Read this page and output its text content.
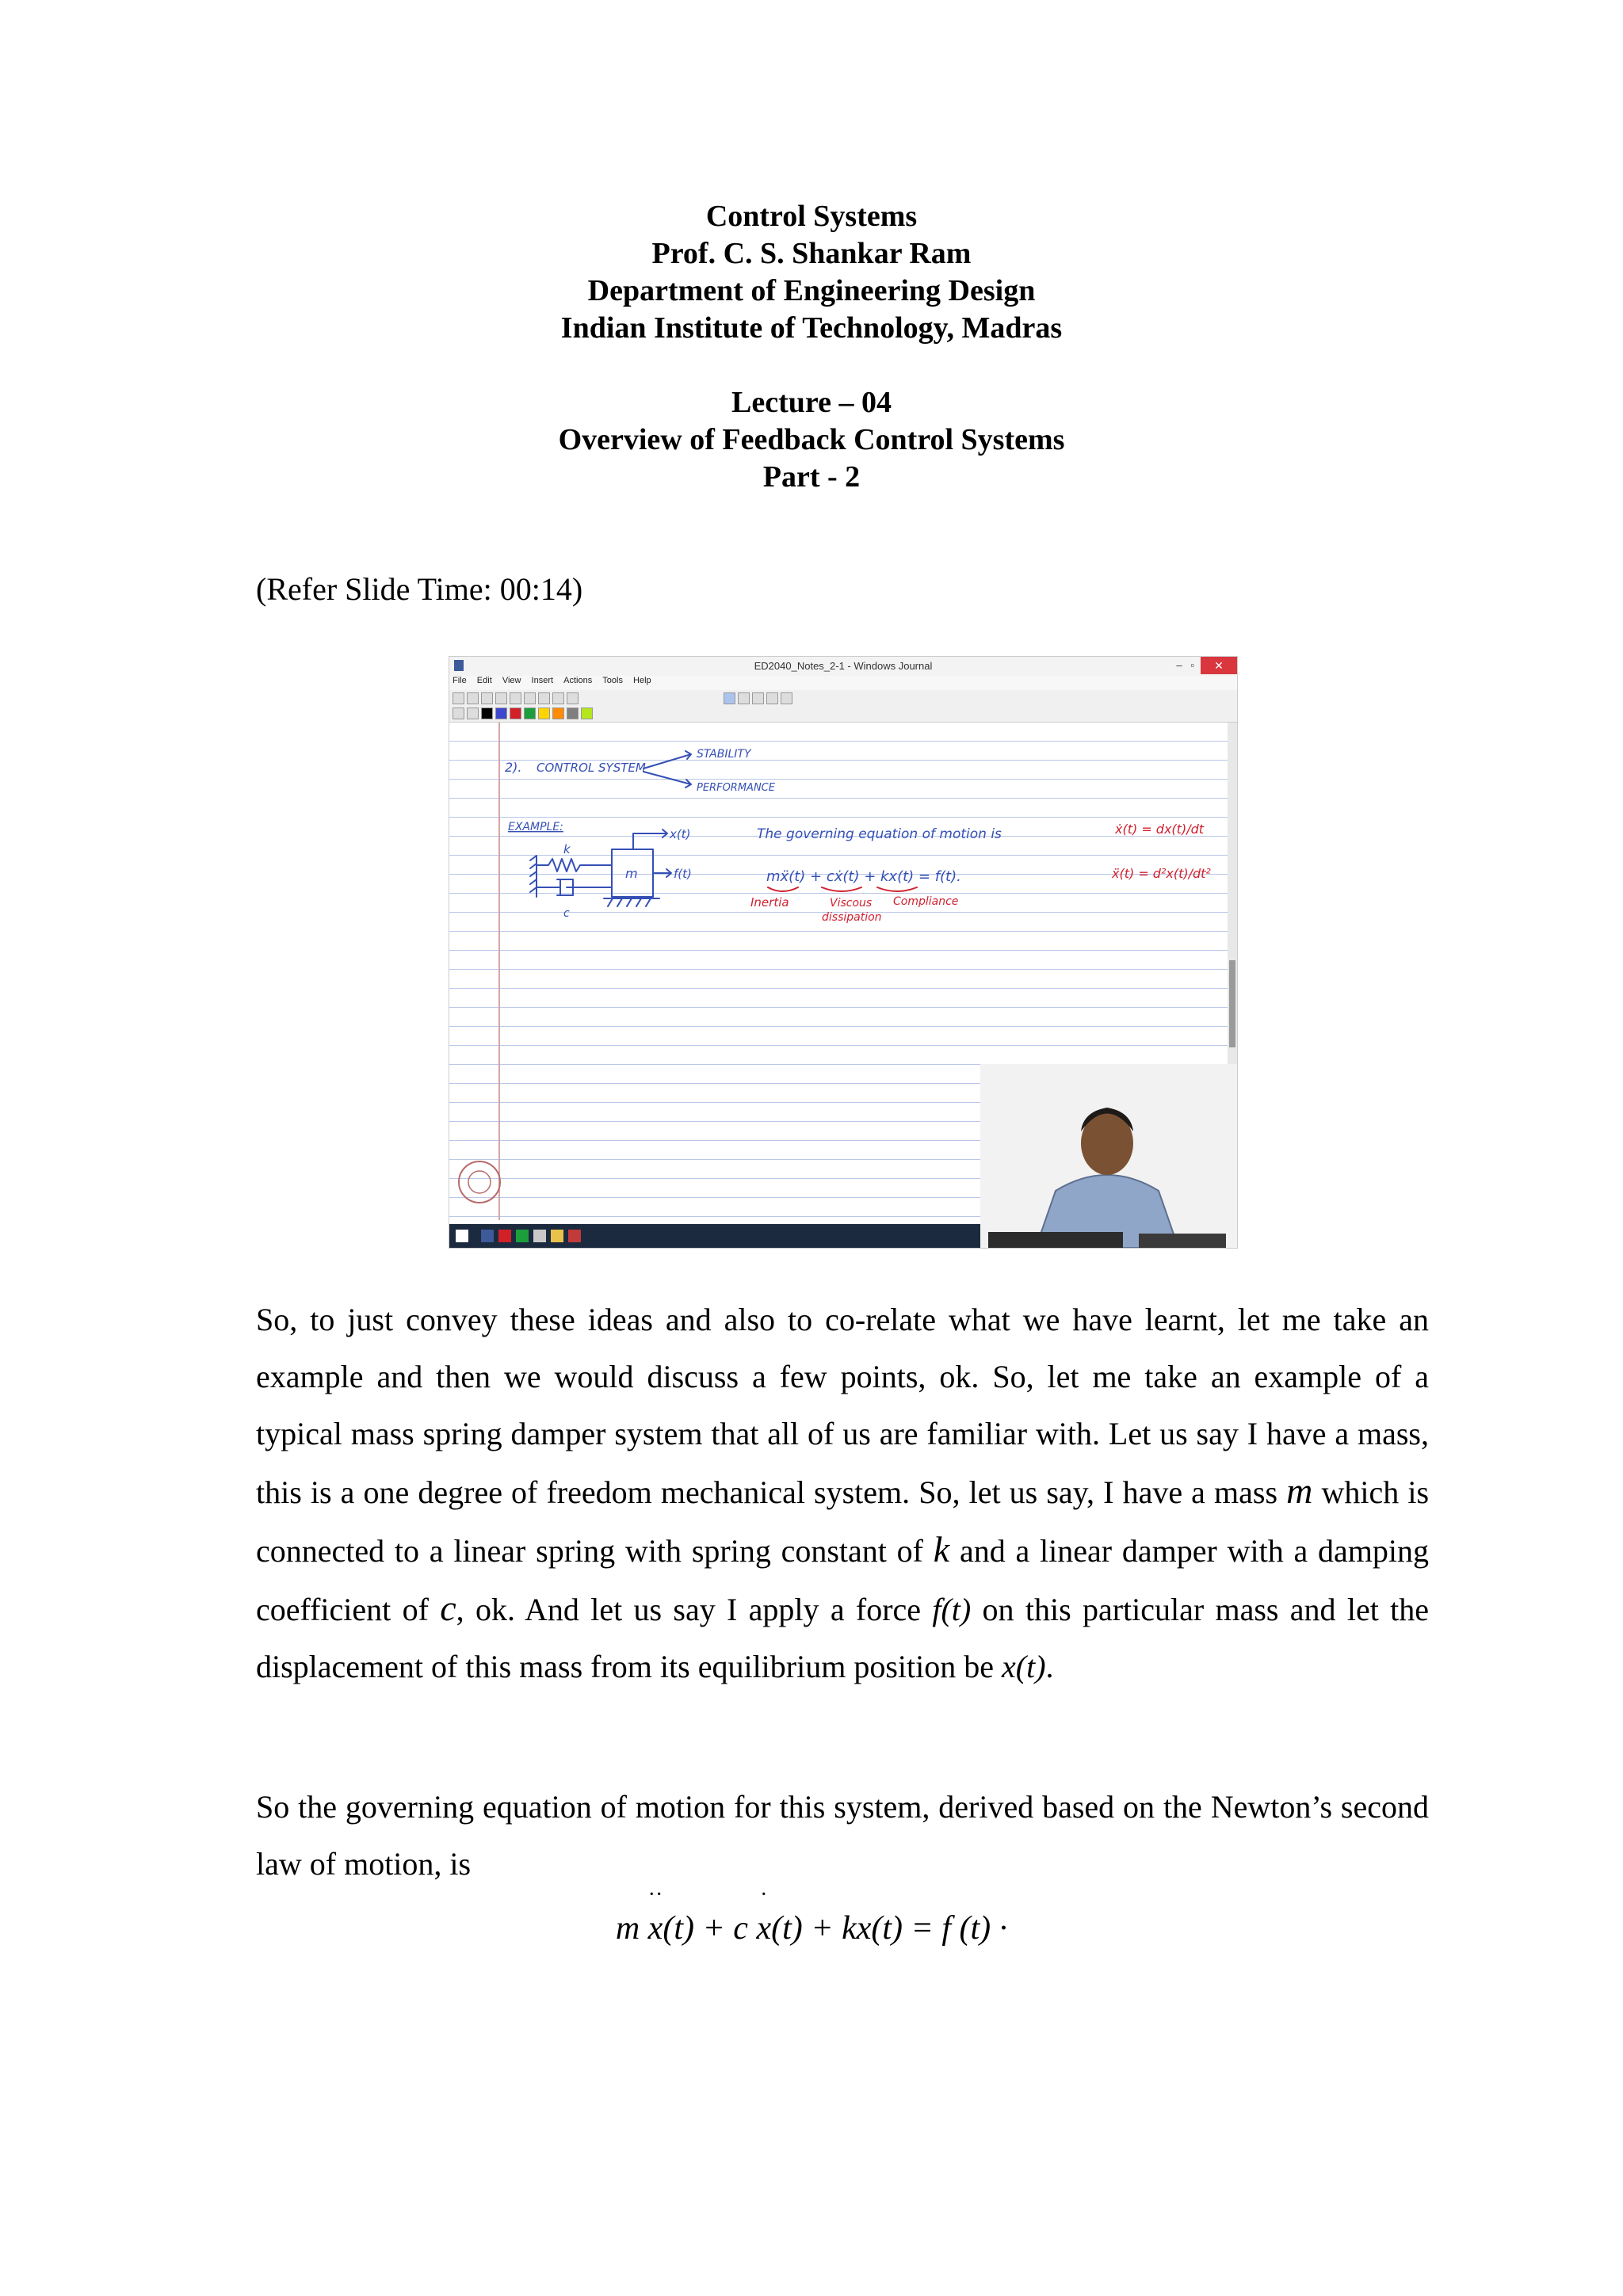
Control Systems
Prof. C. S. Shankar Ram
Department of Engineering Design
Indian Institute of Technology, Madras
Lecture – 04
Overview of Feedback Control Systems
Part - 2
(Refer Slide Time: 00:14)
ED2040_Notes_2-1 - Windows Journal	–   ▫	✕
File Edit View Insert Actions Tools Help
2). CONTROL SYSTEM
STABILITY
PERFORMANCE
EXAMPLE:
k
c
m
x(t)
f(t)
The governing equation of motion is
mẍ(t) + cẋ(t) + kx(t) = f(t).
Inertia	Viscous
dissipation
Compliance
ẋ(t) = dx(t)/dt
ẍ(t) = d²x(t)/dt²
So, to just convey these ideas and also to co-relate what we have learnt, let me take an example and then we would discuss a few points, ok. So, let me take an example of a typical mass spring damper system that all of us are familiar with. Let us say I have a mass, this is a one degree of freedom mechanical system. So, let us say, I have a mass m which is connected to a linear spring with spring constant of k and a linear damper with a damping coefficient of c, ok. And let us say I apply a force f(t) on this particular mass and let the displacement of this mass from its equilibrium position be x(t).
So the governing equation of motion for this system, derived based on the Newton’s second law of motion, is
m ·· x(t) + c · x(t) + kx(t) = f (t) ·
